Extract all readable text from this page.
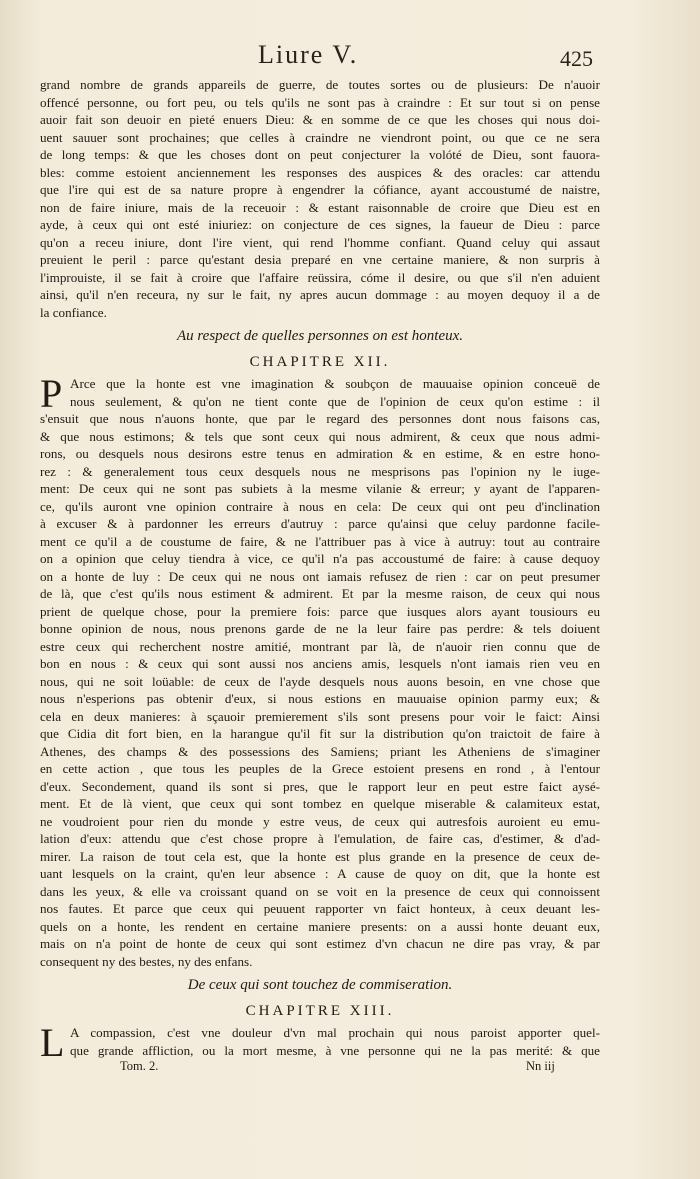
Liure V.	425
grand nombre de grands appareils de guerre, de toutes sortes ou de plusieurs: De n'auoir
offencé personne, ou fort peu, ou tels qu'ils ne sont pas à craindre : Et sur tout si on pense
auoir fait son deuoir en pieté enuers Dieu: & en somme de ce que les choses qui nous doi-
uent sauuer sont prochaines; que celles à craindre ne viendront point, ou que ce ne sera
de long temps: & que les choses dont on peut conjecturer la volóté de Dieu, sont fauora-
bles: comme estoient anciennement les responses des auspices & des oracles: car attendu
que l'ire qui est de sa nature propre à engendrer la cófiance, ayant accoustumé de naistre,
non de faire iniure, mais de la receuoir : & estant raisonnable de croire que Dieu est en
ayde, à ceux qui ont esté iniuriez: on conjecture de ces signes, la faueur de Dieu : parce
qu'on a receu iniure, dont l'ire vient, qui rend l'homme confiant. Quand celuy qui assaut
preuient le peril : parce qu'estant desia preparé en vne certaine maniere, & non surpris à
l'improuiste, il se fait à croire que l'affaire reüssira, cóme il desire, ou que s'il n'en aduient
ainsi, qu'il n'en receura, ny sur le fait, ny apres aucun dommage : au moyen dequoy il a de
la confiance.
Au respect de quelles personnes on est honteux.
CHAPITRE XII.
P Arce que la honte est vne imagination & soubçon de mauuaise opinion conceuë de
nous seulement, & qu'on ne tient conte que de l'opinion de ceux qu'on estime : il
s'ensuit que nous n'auons honte, que par le regard des personnes dont nous faisons cas,
& que nous estimons; & tels que sont ceux qui nous admirent, & ceux que nous admi-
rons, ou desquels nous desirons estre tenus en admiration & en estime, & en estre hono-
rez : & generalement tous ceux desquels nous ne mesprisons pas l'opinion ny le iuge-
ment: De ceux qui ne sont pas subiets à la mesme vilanie & erreur; y ayant de l'apparen-
ce, qu'ils auront vne opinion contraire à nous en cela: De ceux qui ont peu d'inclination
à excuser & à pardonner les erreurs d'autruy : parce qu'ainsi que celuy pardonne facile-
ment ce qu'il a de coustume de faire, & ne l'attribuer pas à vice à autruy: tout au contraire
on a opinion que celuy tiendra à vice, ce qu'il n'a pas accoustumé de faire: à cause dequoy
on a honte de luy : De ceux qui ne nous ont iamais refusez de rien : car on peut presumer
de là, que c'est qu'ils nous estiment & admirent. Et par la mesme raison, de ceux qui nous
prient de quelque chose, pour la premiere fois: parce que iusques alors ayant tousiours eu
bonne opinion de nous, nous prenons garde de ne la leur faire pas perdre: & tels doiuent
estre ceux qui recherchent nostre amitié, montrant par là, de n'auoir rien connu que de
bon en nous : & ceux qui sont aussi nos anciens amis, lesquels n'ont iamais rien veu en
nous, qui ne soit loüable: de ceux de l'ayde desquels nous auons besoin, en vne chose que
nous n'esperions pas obtenir d'eux, si nous estions en mauuaise opinion parmy eux; &
cela en deux manieres: à sçauoir premierement s'ils sont presens pour voir le faict: Ainsi
que Cidia dit fort bien, en la harangue qu'il fit sur la distribution qu'on traictoit de faire à
Athenes, des champs & des possessions des Samiens; priant les Atheniens de s'imaginer
en cette action , que tous les peuples de la Grece estoient presens en rond , à l'entour
d'eux. Secondement, quand ils sont si pres, que le rapport leur en peut estre faict aysé-
ment. Et de là vient, que ceux qui sont tombez en quelque miserable & calamiteux estat,
ne voudroient pour rien du monde y estre veus, de ceux qui autresfois auroient eu emu-
lation d'eux: attendu que c'est chose propre à l'emulation, de faire cas, d'estimer, & d'ad-
mirer. La raison de tout cela est, que la honte est plus grande en la presence de ceux de-
uant lesquels on la craint, qu'en leur absence : A cause de quoy on dit, que la honte est
dans les yeux, & elle va croissant quand on se voit en la presence de ceux qui connoissent
nos fautes. Et parce que ceux qui peuuent rapporter vn faict honteux, à ceux deuant les-
quels on a honte, les rendent en certaine maniere presents: on a aussi honte deuant eux,
mais on n'a point de honte de ceux qui sont estimez d'vn chacun ne dire pas vray, & par
consequent ny des bestes, ny des enfans.
De ceux qui sont touchez de commiseration.
CHAPITRE XIII.
L A compassion, c'est vne douleur d'vn mal prochain qui nous paroist apporter quel-
que grande affliction, ou la mort mesme, à vne personne qui ne la pas merité: & que
Tom. 2.	Nn iij
